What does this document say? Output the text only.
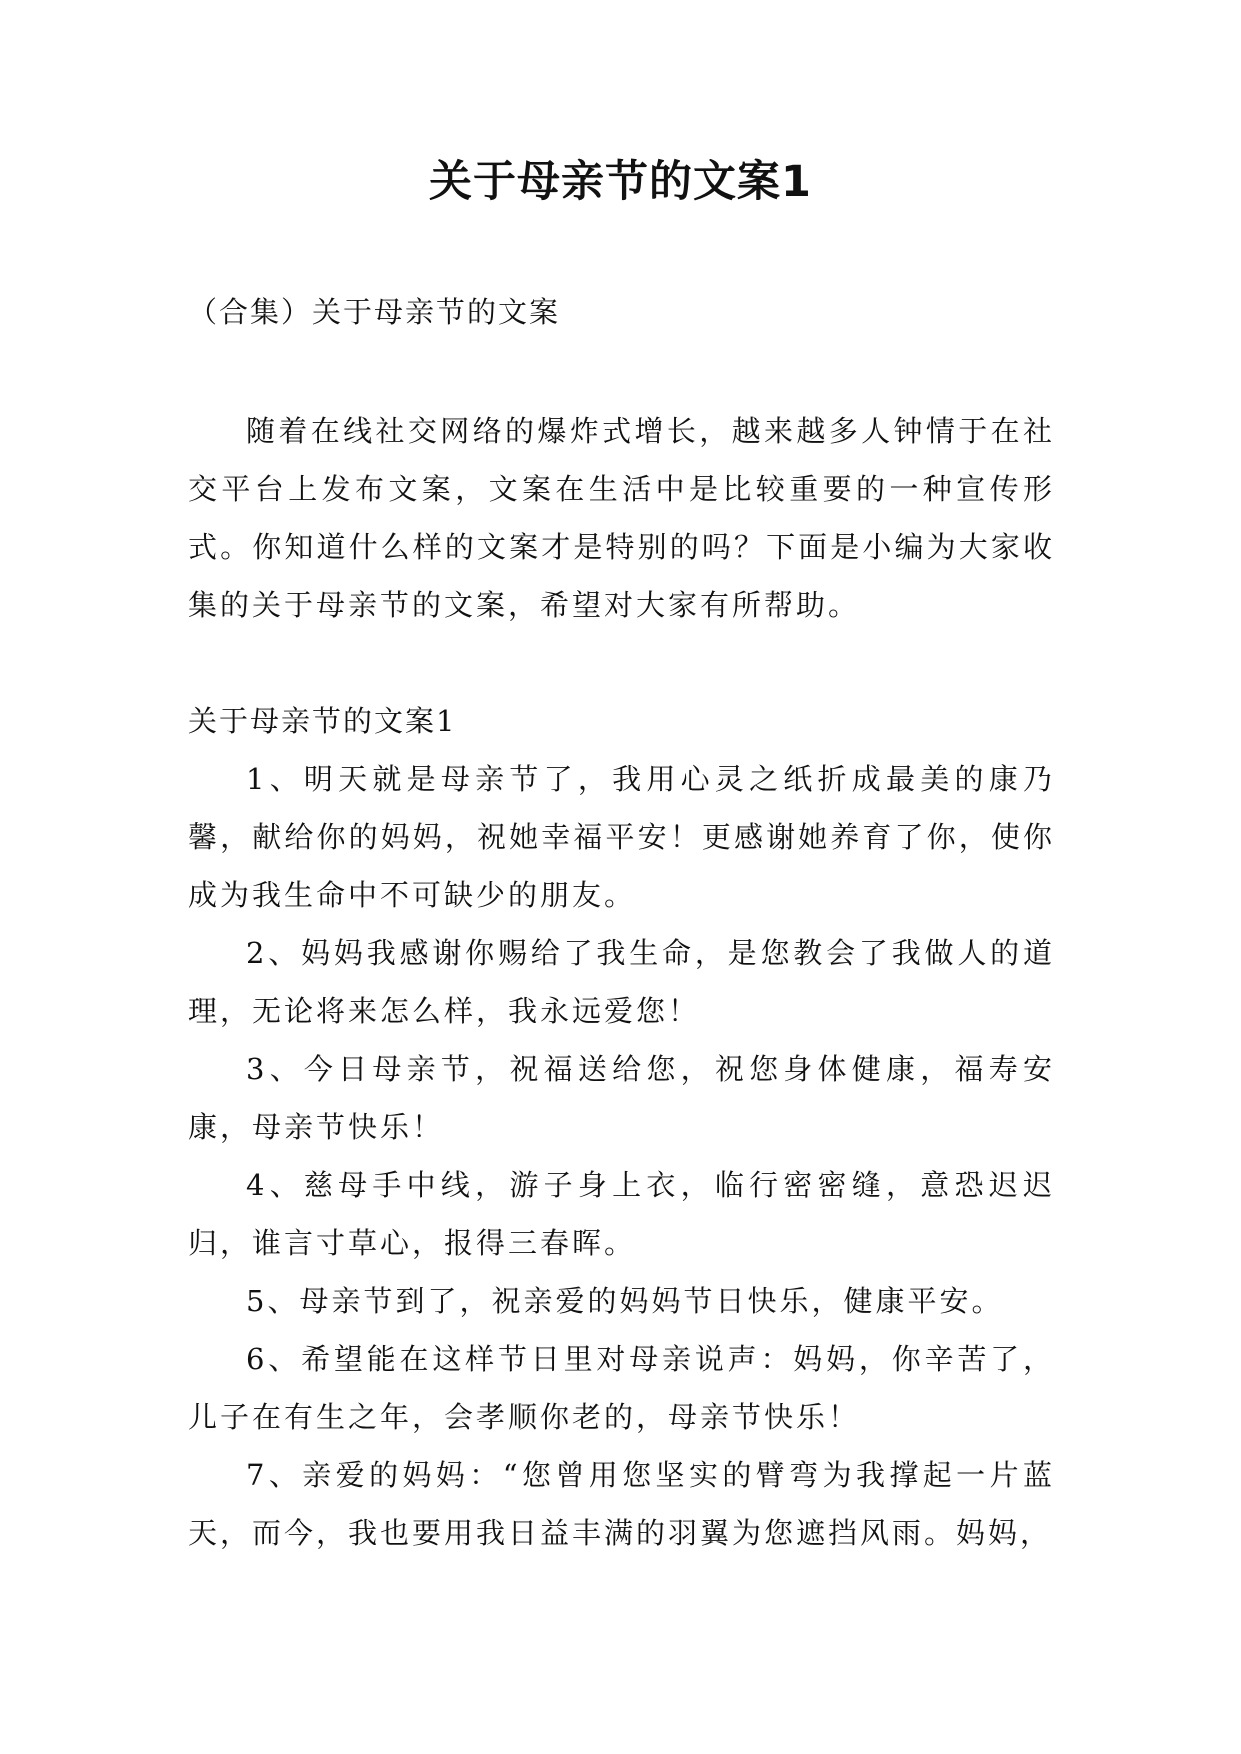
关于母亲节的文案1
（合集）关于母亲节的文案

随着在线社交网络的爆炸式增长，越来越多人钟情于在社交平台上发布文案，文案在生活中是比较重要的一种宣传形式。你知道什么样的文案才是特别的吗？下面是小编为大家收集的关于母亲节的文案，希望对大家有所帮助。

关于母亲节的文案1

1、明天就是母亲节了，我用心灵之纸折成最美的康乃馨，献给你的妈妈，祝她幸福平安！更感谢她养育了你，使你成为我生命中不可缺少的朋友。

2、妈妈我感谢你赐给了我生命，是您教会了我做人的道理，无论将来怎么样，我永远爱您！

3、今日母亲节，祝福送给您，祝您身体健康，福寿安康，母亲节快乐！

4、慈母手中线，游子身上衣，临行密密缝，意恐迟迟归，谁言寸草心，报得三春晖。

5、母亲节到了，祝亲爱的妈妈节日快乐，健康平安。

6、希望能在这样节日里对母亲说声：妈妈，你辛苦了，儿子在有生之年，会孝顺你老的，母亲节快乐！

7、亲爱的妈妈：“您曾用您坚实的臂弯为我撑起一片蓝天，而今，我也要用我日益丰满的羽翼为您遮挡风雨。妈妈，
